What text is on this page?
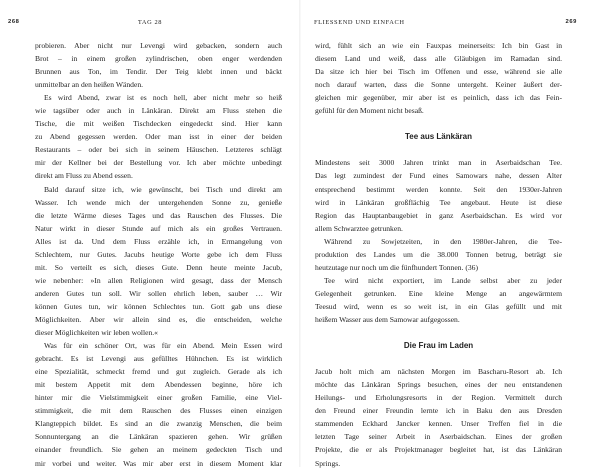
268	TAG 28
probieren. Aber nicht nur Levengi wird gebacken, sondern auch
Brot – in einem großen zylindrischen, oben enger werdenden
Brunnen aus Ton, im Tendir. Der Teig klebt innen und bäckt
unmittelbar an den heißen Wänden.
Es wird Abend, zwar ist es noch hell, aber nicht mehr so heiß
wie tagsüber oder auch in Länkäran. Direkt am Fluss stehen die
Tische, die mit weißen Tischdecken eingedeckt sind. Hier kann
zu Abend gegessen werden. Oder man isst in einer der beiden
Restaurants – oder bei sich in seinem Häuschen. Letzteres schlägt
mir der Kellner bei der Bestellung vor. Ich aber möchte unbedingt
direkt am Fluss zu Abend essen.
Bald darauf sitze ich, wie gewünscht, bei Tisch und direkt am
Wasser. Ich wende mich der untergehenden Sonne zu, genieße
die letzte Wärme dieses Tages und das Rauschen des Flusses. Die
Natur wirkt in dieser Stunde auf mich als ein großes Vertrauen.
Alles ist da. Und dem Fluss erzähle ich, in Ermangelung von
Schlechtem, nur Gutes. Jacubs heutige Worte gebe ich dem Fluss
mit. So verteilt es sich, dieses Gute. Denn heute meinte Jacub,
wie nebenher: »In allen Religionen wird gesagt, dass der Mensch
anderen Gutes tun soll. Wir sollen ehrlich leben, sauber … Wir
können Gutes tun, wir können Schlechtes tun. Gott gab uns diese
Möglichkeiten. Aber wir allein sind es, die entscheiden, welche
dieser Möglichkeiten wir leben wollen.«
Was für ein schöner Ort, was für ein Abend. Mein Essen wird
gebracht. Es ist Levengi aus gefülltes Hühnchen. Es ist wirklich
eine Spezialität, schmeckt fremd und gut zugleich. Gerade als ich
mit bestem Appetit mit dem Abendessen beginne, höre ich
hinter mir die Vielstimmigkeit einer großen Familie, eine Viel-
stimmigkeit, die mit dem Rauschen des Flusses einen einzigen
Klangteppich bildet. Es sind an die zwanzig Menschen, die beim
Sonnuntergang an die Länkäran spazieren gehen. Wir grüßen
einander freundlich. Sie gehen an meinem gedeckten Tisch und
mir vorbei und weiter. Was mir aber erst in diesem Moment klar
FLIESSEND UND EINFACH	269
wird, fühlt sich an wie ein Fauxpas meinerseits: Ich bin Gast in
diesem Land und weiß, dass alle Gläubigen im Ramadan sind.
Da sitze ich hier bei Tisch im Offenen und esse, während sie alle
noch darauf warten, dass die Sonne untergeht. Keiner äußert der-
gleichen mir gegenüber, mir aber ist es peinlich, dass ich das Fein-
gefühl für den Moment nicht besaß.
Tee aus Länkäran
Mindestens seit 3000 Jahren trinkt man in Aserbaidschan Tee.
Das legt zumindest der Fund eines Samowars nahe, dessen Alter
entsprechend bestimmt werden konnte. Seit den 1930er-Jahren
wird in Länkäran großflächig Tee angebaut. Heute ist diese
Region das Hauptanbaugebiet in ganz Aserbaidschan. Es wird vor
allem Schwarztee getrunken.
Während zu Sowjetzeiten, in den 1980er-Jahren, die Tee-
produktion des Landes um die 38.000 Tonnen betrug, beträgt sie
heutzutage nur noch um die fünfhundert Tonnen. (36)
Tee wird nicht exportiert, im Lande selbst aber zu jeder
Gelegenheit getrunken. Eine kleine Menge an angewärmtem
Teesud wird, wenn es so weit ist, in ein Glas gefüllt und mit
heißem Wasser aus dem Samowar aufgegossen.
Die Frau im Laden
Jacub holt mich am nächsten Morgen im Bascharu-Resort ab. Ich
möchte das Länkäran Springs besuchen, eines der neu entstandenen
Heilungs- und Erholungsresorts in der Region. Vermittelt durch
den Freund einer Freundin lernte ich in Baku den aus Dresden
stammenden Eckhard Jancker kennen. Unser Treffen fiel in die
letzten Tage seiner Arbeit in Aserbaidschan. Eines der großen
Projekte, die er als Projektmanager begleitet hat, ist das Länkäran
Springs.
